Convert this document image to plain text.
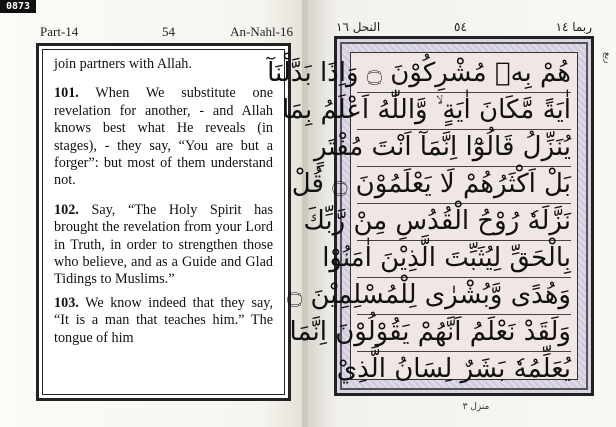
0873
Part-14	54	An-Nahl-16

join partners with Allah.

101. When We substitute one revelation for another, - and Allah knows best what He reveals (in stages), - they say, “You are but a forger”: but most of them understand not.

102. Say, “The Holy Spirit has brought the revelation from your Lord in Truth, in order to strengthen those who believe, and as a Guide and Glad Tidings to Muslims.”

103. We know indeed that they say, “It is a man that teaches him.” The tongue of him

ربما ١٤
٥٤
النحل ١٦
ربع
هُمْ بِهٖ مُشْرِكُوْنَ ۝ وَاِذَا بَدَّلْنَآ
اٰيَةً مَّكَانَ اٰيَةٍ ۙ وَّاللّٰهُ اَعْلَمُ بِمَا
يُنَزِّلُ قَالُوْٓا اِنَّمَآ اَنْتَ مُفْتَرٍ
بَلْ اَكْثَرُهُمْ لَا يَعْلَمُوْنَ ۝ قُلْ
نَزَّلَهٗ رُوْحُ الْقُدُسِ مِنْ رَّبِّكَ
بِالْحَقِّ لِيُثَبِّتَ الَّذِيْنَ اٰمَنُوْا
وَهُدًى وَّبُشْرٰى لِلْمُسْلِمِيْنَ ۝
وَلَقَدْ نَعْلَمُ اَنَّهُمْ يَقُوْلُوْنَ اِنَّمَا
يُعَلِّمُهٗ بَشَرٌ لِسَانُ الَّذِيْ
منزل ٣
